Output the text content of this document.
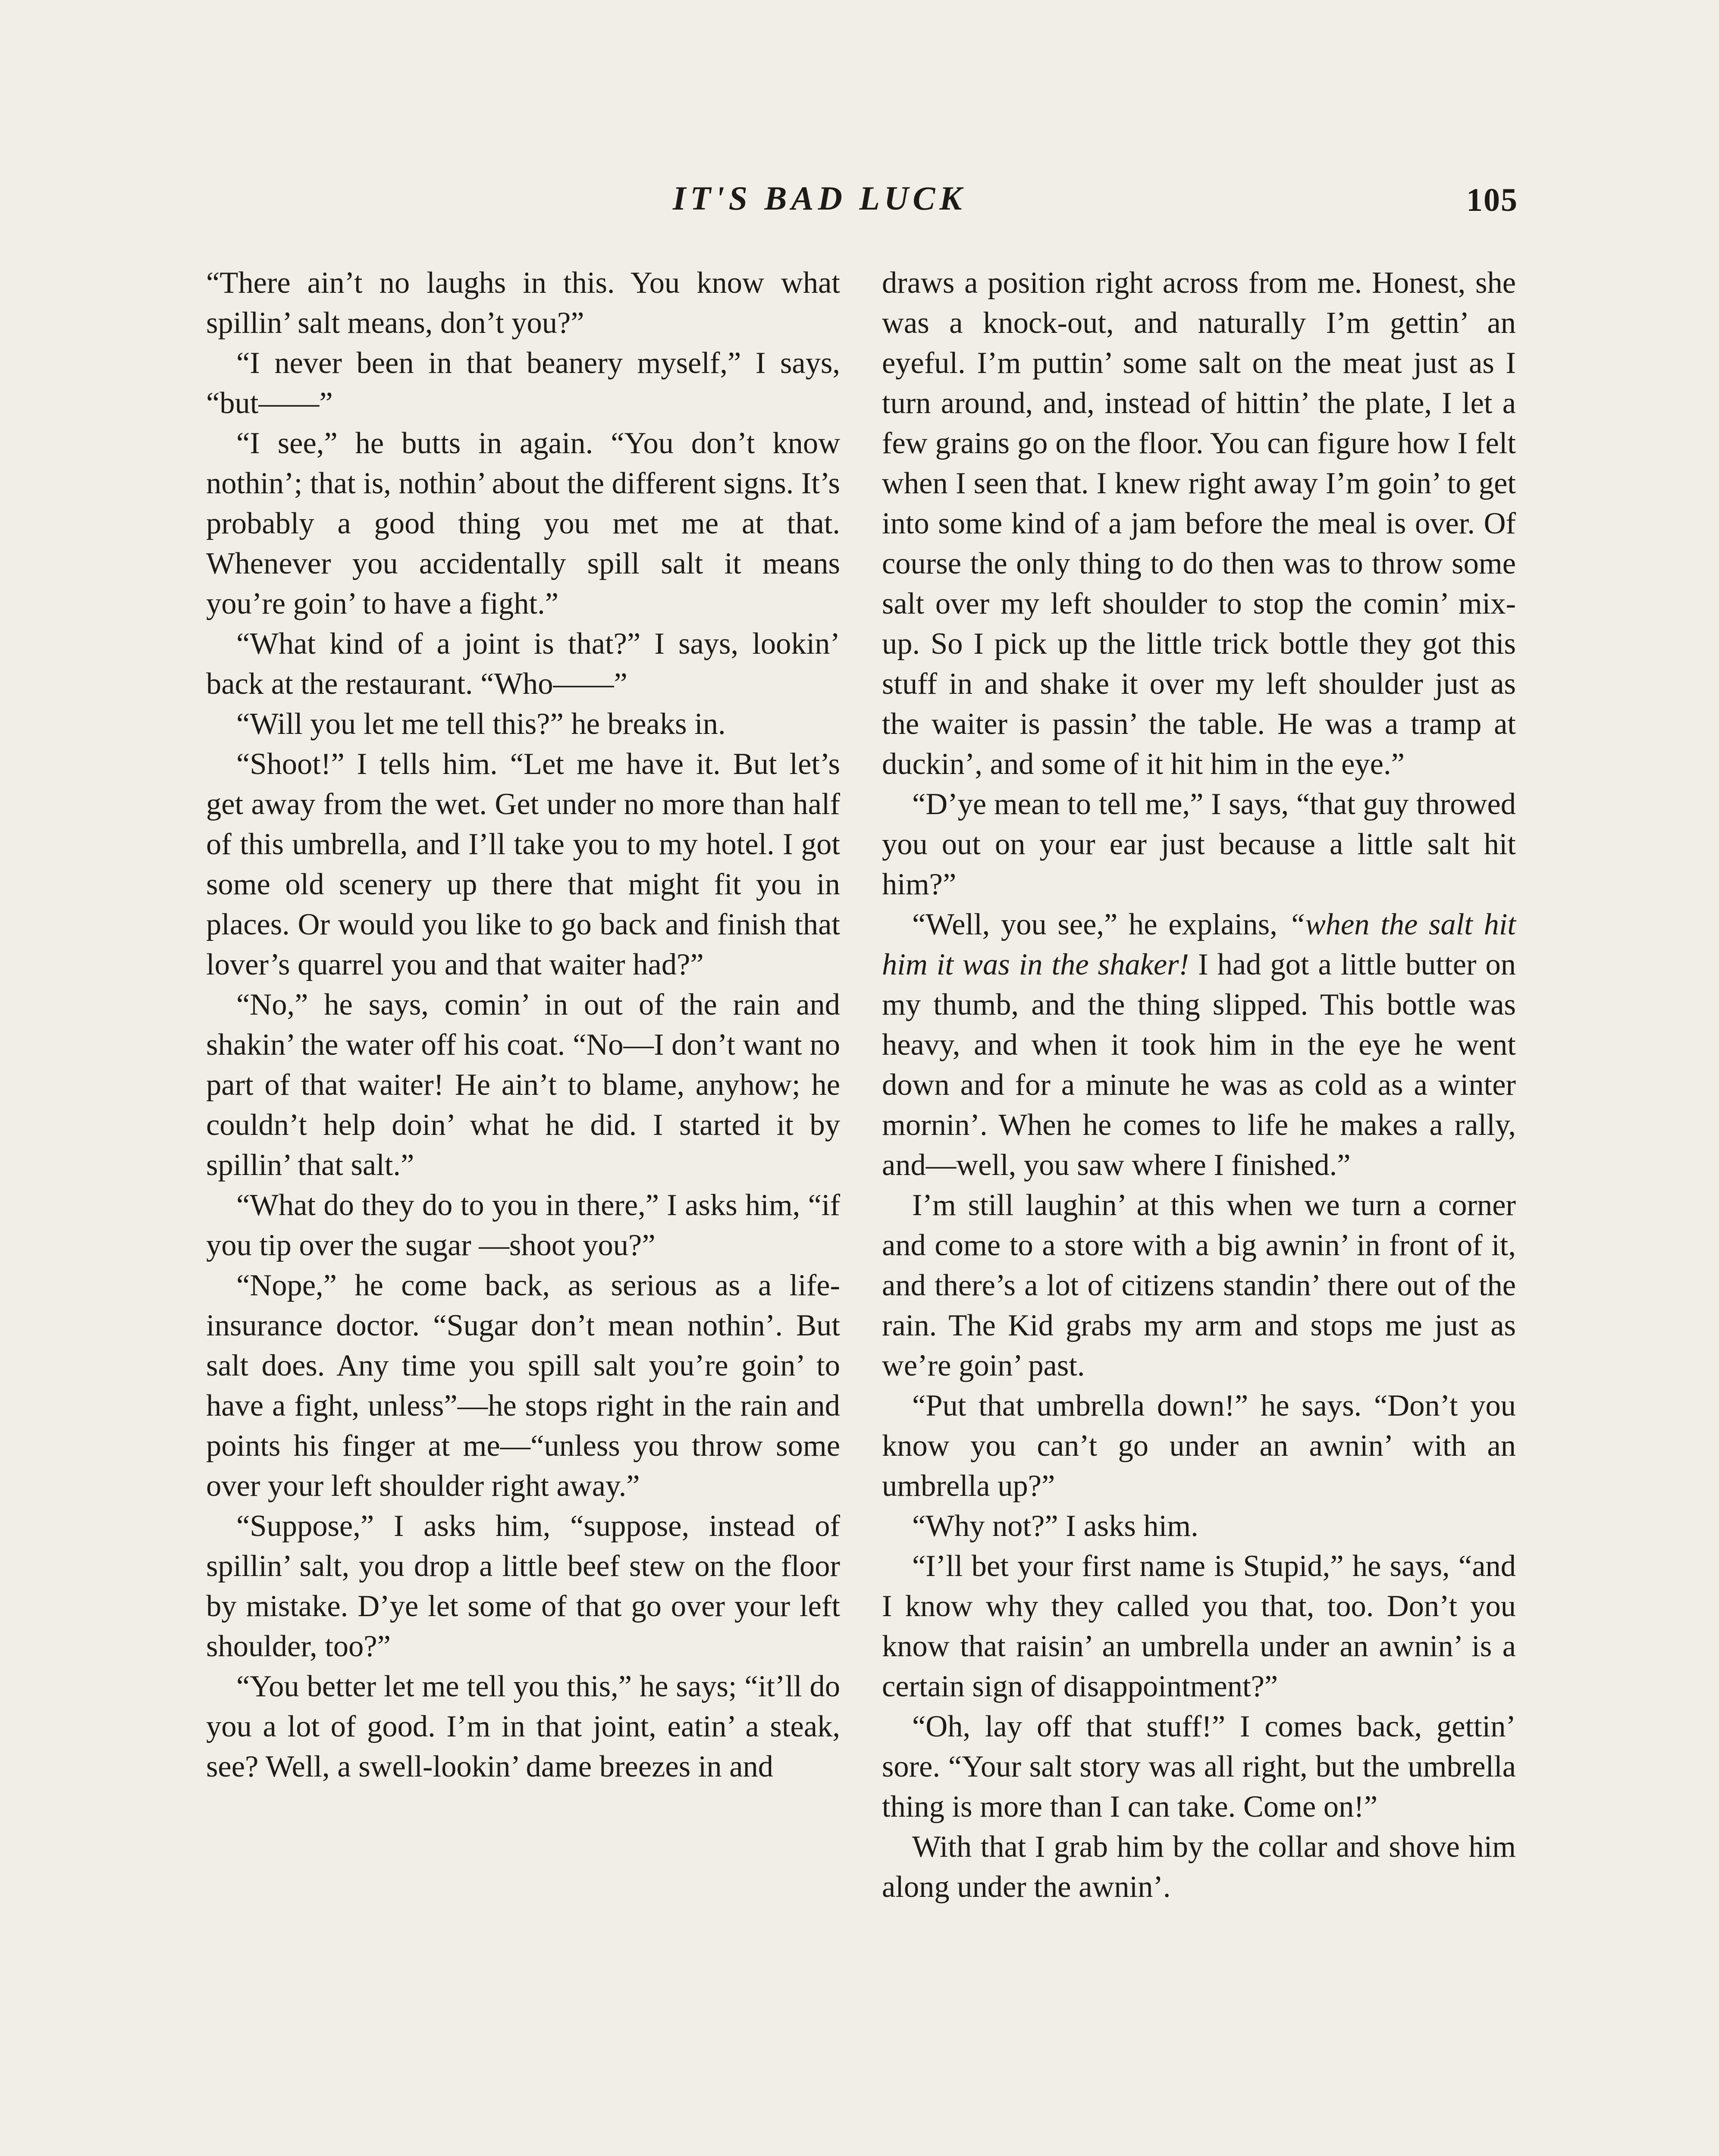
IT'S BAD LUCK	105

“There ain’t no laughs in this. You know what spillin’ salt means, don’t you?”

“I never been in that beanery myself,” I says, “but——”

“I see,” he butts in again. “You don’t know nothin’; that is, nothin’ about the different signs. It’s probably a good thing you met me at that. Whenever you accidentally spill salt it means you’re goin’ to have a fight.”

“What kind of a joint is that?” I says, lookin’ back at the restaurant. “Who——”

“Will you let me tell this?” he breaks in.

“Shoot!” I tells him. “Let me have it. But let’s get away from the wet. Get under no more than half of this umbrella, and I’ll take you to my hotel. I got some old scenery up there that might fit you in places. Or would you like to go back and finish that lover’s quarrel you and that waiter had?”

“No,” he says, comin’ in out of the rain and shakin’ the water off his coat. “No—I don’t want no part of that waiter! He ain’t to blame, anyhow; he couldn’t help doin’ what he did. I started it by spillin’ that salt.”

“What do they do to you in there,” I asks him, “if you tip over the sugar —shoot you?”

“Nope,” he come back, as serious as a life-insurance doctor. “Sugar don’t mean nothin’. But salt does. Any time you spill salt you’re goin’ to have a fight, unless”—he stops right in the rain and points his finger at me—“unless you throw some over your left shoulder right away.”

“Suppose,” I asks him, “suppose, instead of spillin’ salt, you drop a little beef stew on the floor by mistake. D’ye let some of that go over your left shoulder, too?”

“You better let me tell you this,” he says; “it’ll do you a lot of good. I’m in that joint, eatin’ a steak, see? Well, a swell-lookin’ dame breezes in and

draws a position right across from me. Honest, she was a knock-out, and naturally I’m gettin’ an eyeful. I’m puttin’ some salt on the meat just as I turn around, and, instead of hittin’ the plate, I let a few grains go on the floor. You can figure how I felt when I seen that. I knew right away I’m goin’ to get into some kind of a jam before the meal is over. Of course the only thing to do then was to throw some salt over my left shoulder to stop the comin’ mix-up. So I pick up the little trick bottle they got this stuff in and shake it over my left shoulder just as the waiter is passin’ the table. He was a tramp at duckin’, and some of it hit him in the eye.”

“D’ye mean to tell me,” I says, “that guy throwed you out on your ear just because a little salt hit him?”

“Well, you see,” he explains, “when the salt hit him it was in the shaker! I had got a little butter on my thumb, and the thing slipped. This bottle was heavy, and when it took him in the eye he went down and for a minute he was as cold as a winter mornin’. When he comes to life he makes a rally, and—well, you saw where I finished.”

I’m still laughin’ at this when we turn a corner and come to a store with a big awnin’ in front of it, and there’s a lot of citizens standin’ there out of the rain. The Kid grabs my arm and stops me just as we’re goin’ past.

“Put that umbrella down!” he says. “Don’t you know you can’t go under an awnin’ with an umbrella up?”

“Why not?” I asks him.

“I’ll bet your first name is Stupid,” he says, “and I know why they called you that, too. Don’t you know that raisin’ an umbrella under an awnin’ is a certain sign of disappointment?”

“Oh, lay off that stuff!” I comes back, gettin’ sore. “Your salt story was all right, but the umbrella thing is more than I can take. Come on!”

With that I grab him by the collar and shove him along under the awnin’.
